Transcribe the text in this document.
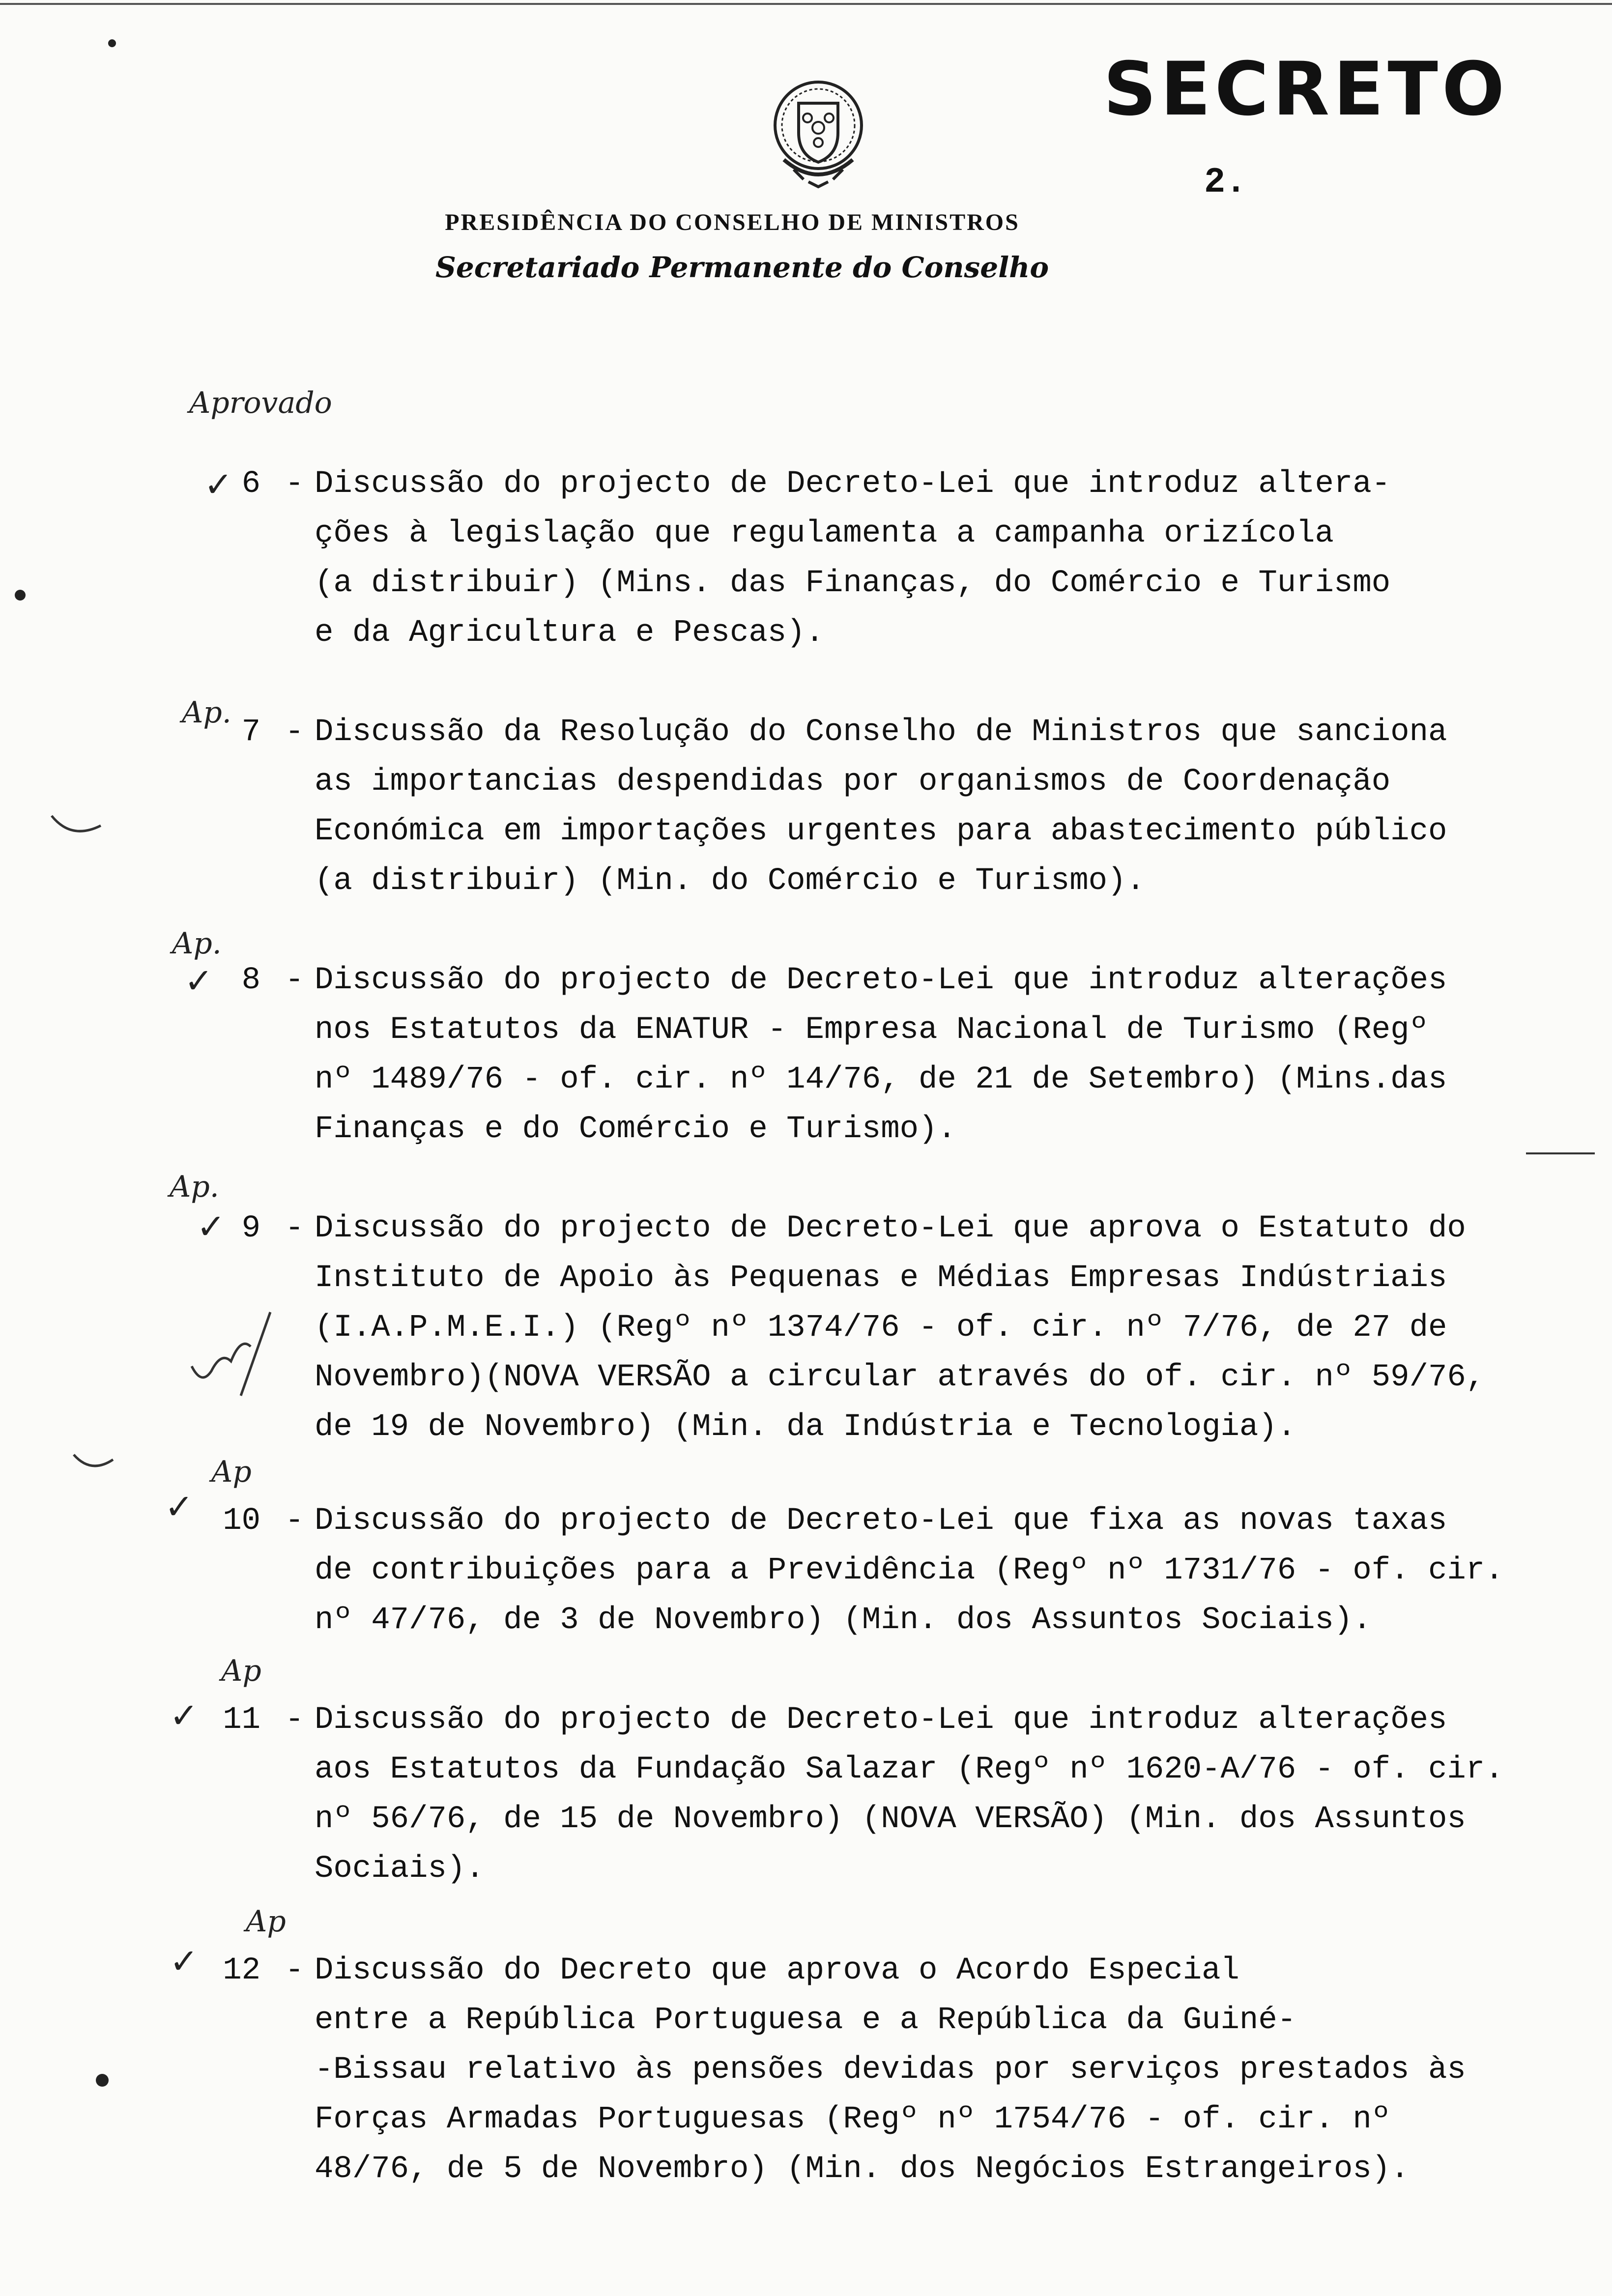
SECRETO
2.
PRESIDÊNCIA DO CONSELHO DE MINISTROS
Secretariado Permanente do Conselho
Aprovado
✓ 6 - Discussão do projecto de Decreto-Lei que introduz altera-
ções à legislação que regulamenta a campanha orizícola
(a distribuir) (Mins. das Finanças, do Comércio e Turismo
e da Agricultura e Pescas).
Ap.
7 - Discussão da Resolução do Conselho de Ministros que sanciona
as importancias despendidas por organismos de Coordenação
Económica em importações urgentes para abastecimento público
(a distribuir) (Min. do Comércio e Turismo).
Ap.
✓ 8 - Discussão do projecto de Decreto-Lei que introduz alterações
nos Estatutos da ENATUR - Empresa Nacional de Turismo (Regº
nº 1489/76 - of. cir. nº 14/76, de 21 de Setembro) (Mins.das
Finanças e do Comércio e Turismo).
Ap.
✓ 9 - Discussão do projecto de Decreto-Lei que aprova o Estatuto do
Instituto de Apoio às Pequenas e Médias Empresas Indústriais
(I.A.P.M.E.I.) (Regº nº 1374/76 - of. cir. nº 7/76, de 27 de
Novembro)(NOVA VERSÃO a circular através do of. cir. nº 59/76,
de 19 de Novembro) (Min. da Indústria e Tecnologia).
Ap
✓ 10 - Discussão do projecto de Decreto-Lei que fixa as novas taxas
de contribuições para a Previdência (Regº nº 1731/76 - of. cir.
nº 47/76, de 3 de Novembro) (Min. dos Assuntos Sociais).
Ap
✓ 11 - Discussão do projecto de Decreto-Lei que introduz alterações
aos Estatutos da Fundação Salazar (Regº nº 1620-A/76 - of. cir.
nº 56/76, de 15 de Novembro) (NOVA VERSÃO) (Min. dos Assuntos
Sociais).
Ap
✓ 12 - Discussão do Decreto que aprova o Acordo Especial
entre a República Portuguesa e a República da Guiné-
-Bissau relativo às pensões devidas por serviços prestados às
Forças Armadas Portuguesas (Regº nº 1754/76 - of. cir. nº
48/76, de 5 de Novembro) (Min. dos Negócios Estrangeiros).
